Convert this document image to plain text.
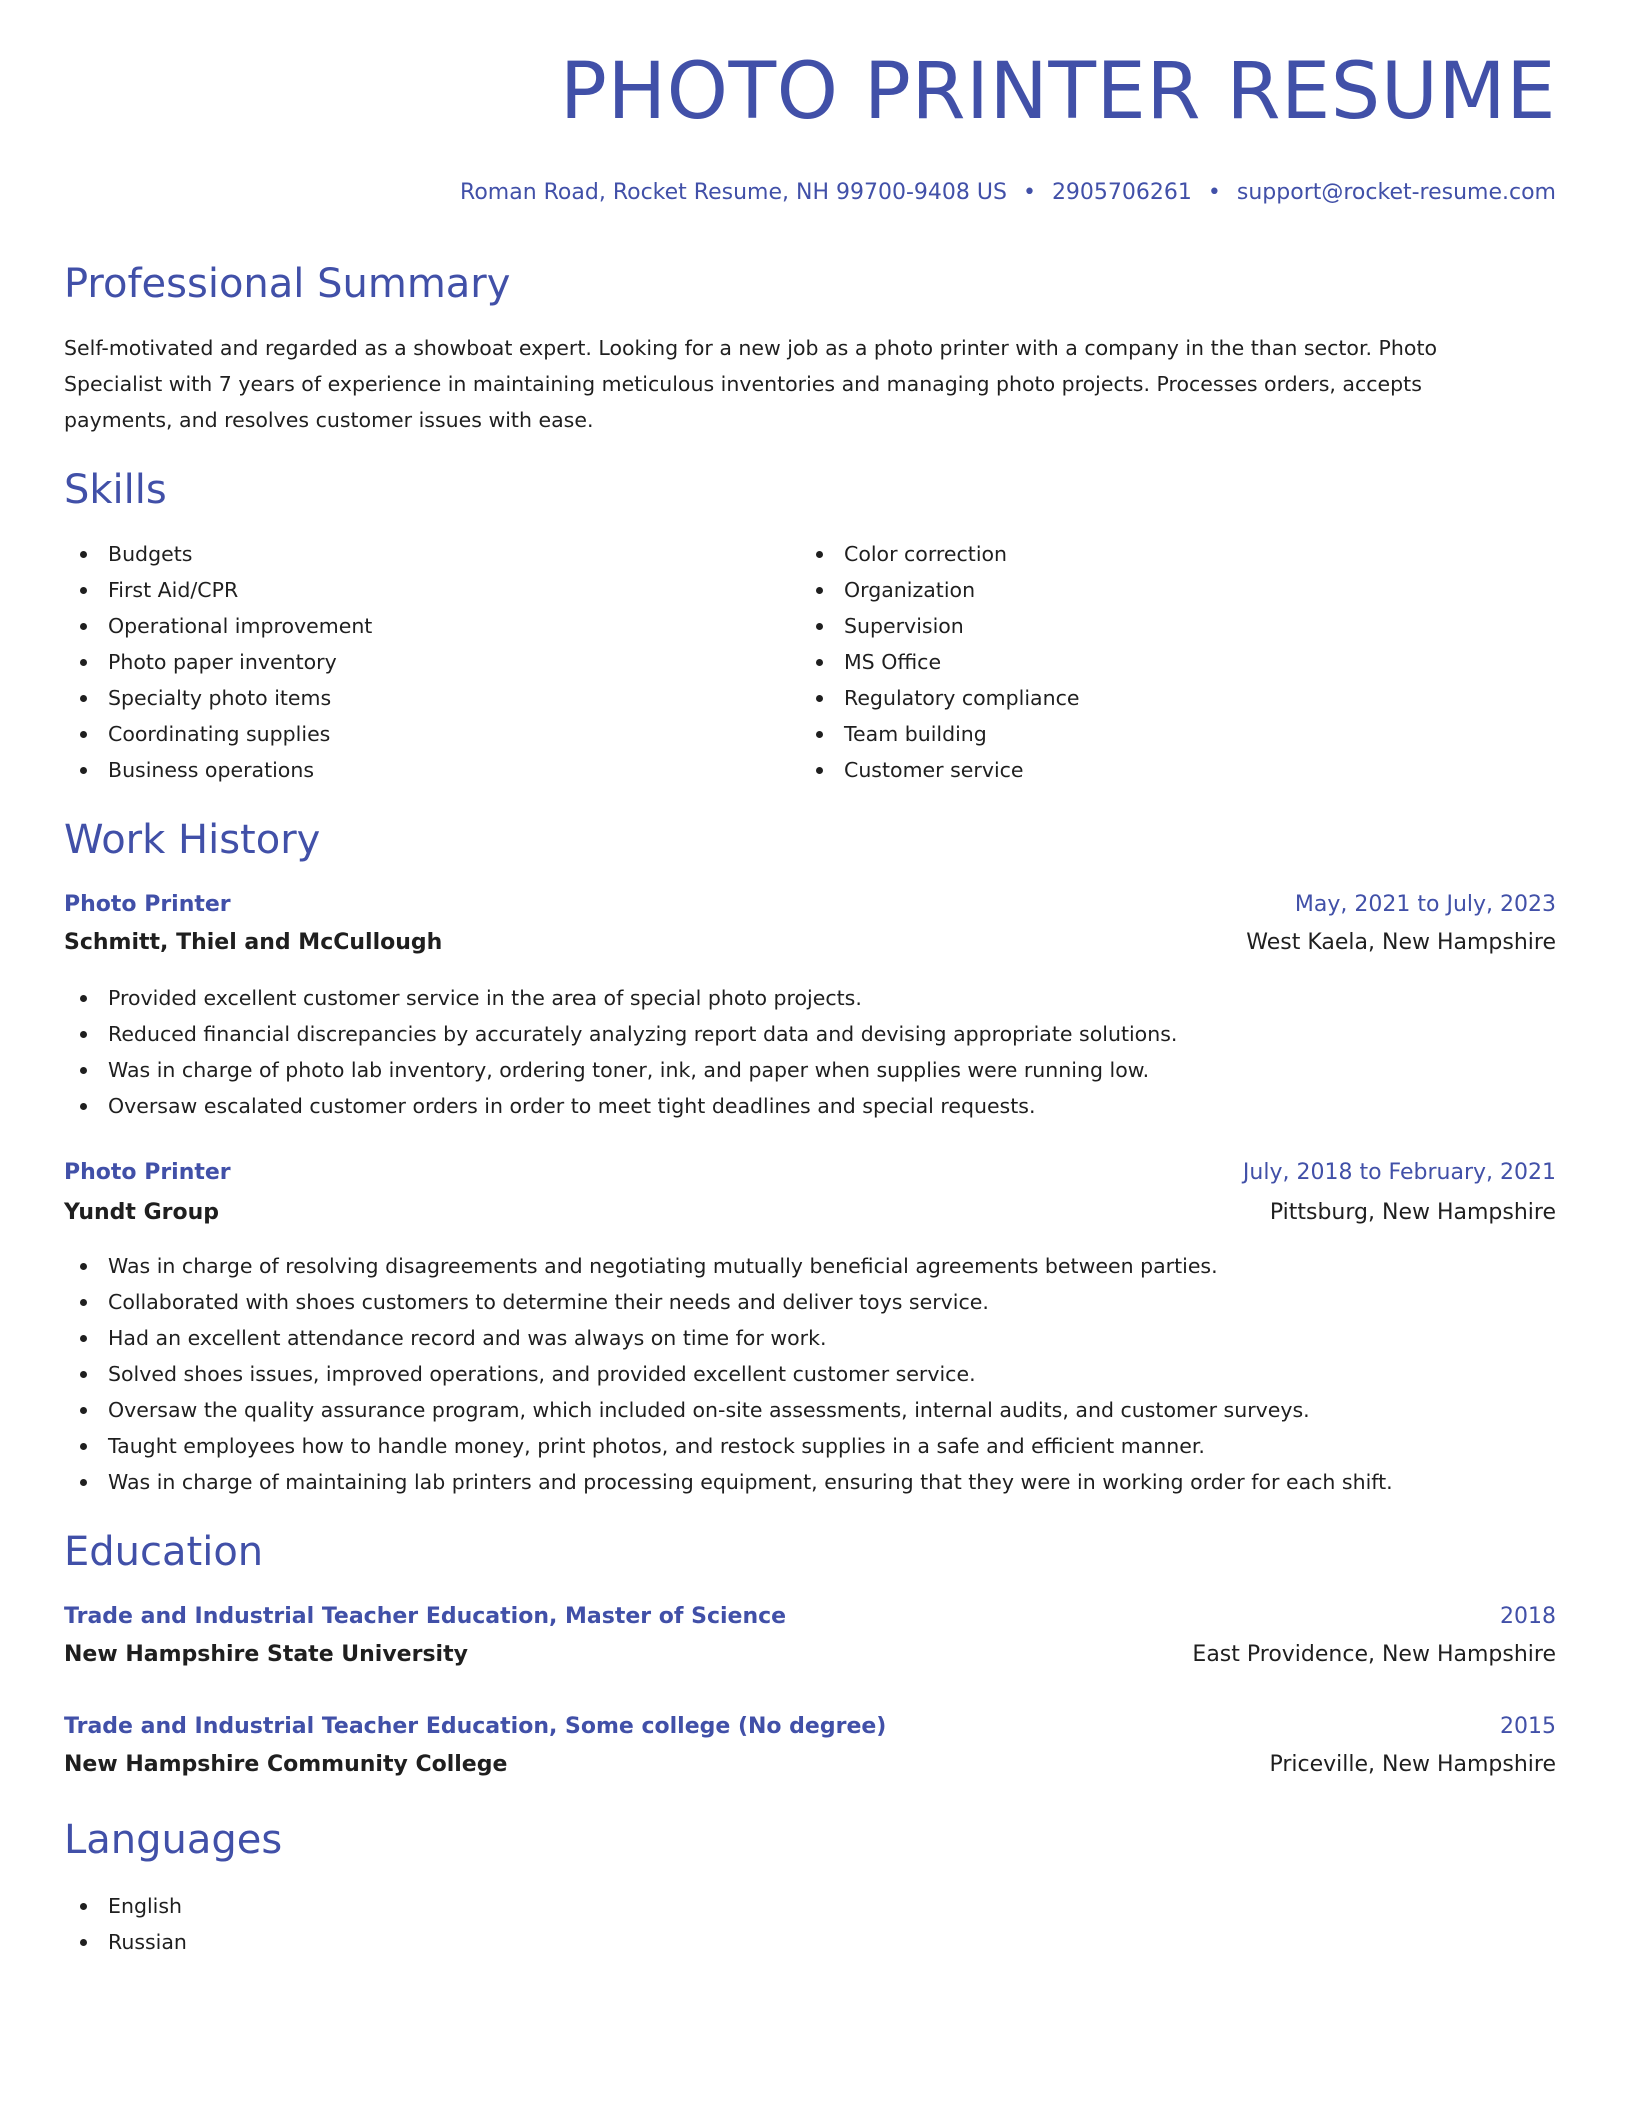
PHOTO PRINTER RESUME
Roman Road, Rocket Resume, NH 99700-9408 US • 2905706261 • support@rocket-resume.com
Professional Summary

Self-motivated and regarded as a showboat expert. Looking for a new job as a photo printer with a company in the than sector. Photo Specialist with 7 years of experience in maintaining meticulous inventories and managing photo projects. Processes orders, accepts payments, and resolves customer issues with ease.

Skills
Budgets
First Aid/CPR
Operational improvement
Photo paper inventory
Specialty photo items
Coordinating supplies
Business operations
Color correction
Organization
Supervision
MS Office
Regulatory compliance
Team building
Customer service
Work History
Photo Printer	May, 2021 to July, 2023
Schmitt, Thiel and McCullough	West Kaela, New Hampshire
Provided excellent customer service in the area of special photo projects.
Reduced financial discrepancies by accurately analyzing report data and devising appropriate solutions.
Was in charge of photo lab inventory, ordering toner, ink, and paper when supplies were running low.
Oversaw escalated customer orders in order to meet tight deadlines and special requests.
Photo Printer	July, 2018 to February, 2021
Yundt Group	Pittsburg, New Hampshire
Was in charge of resolving disagreements and negotiating mutually beneficial agreements between parties.
Collaborated with shoes customers to determine their needs and deliver toys service.
Had an excellent attendance record and was always on time for work.
Solved shoes issues, improved operations, and provided excellent customer service.
Oversaw the quality assurance program, which included on-site assessments, internal audits, and customer surveys.
Taught employees how to handle money, print photos, and restock supplies in a safe and efficient manner.
Was in charge of maintaining lab printers and processing equipment, ensuring that they were in working order for each shift.
Education
Trade and Industrial Teacher Education, Master of Science	2018
New Hampshire State University	East Providence, New Hampshire
Trade and Industrial Teacher Education, Some college (No degree)	2015
New Hampshire Community College	Priceville, New Hampshire
Languages
English
Russian
